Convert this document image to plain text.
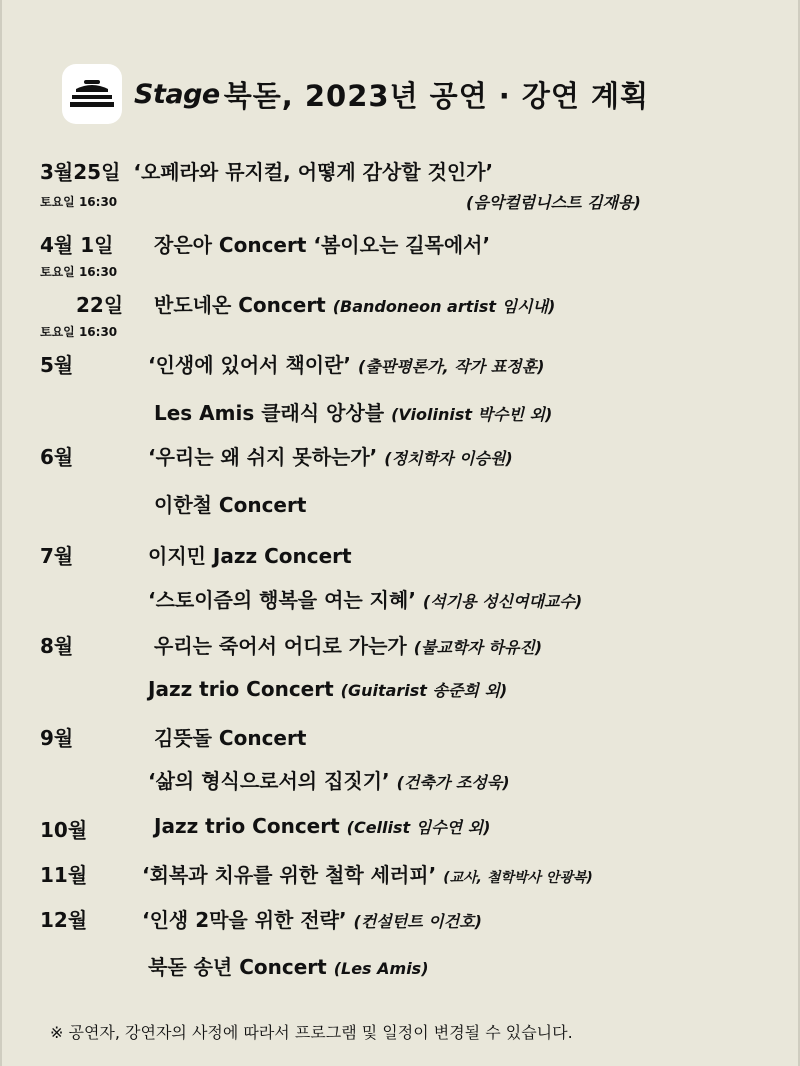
Stage 북돋, 2023년 공연 · 강연 계획
3월25일 ‘오페라와 뮤지컬, 어떻게 감상할 것인가’
토요일 16:30	(음악컬럼니스트 김재용)
4월 1일 장은아 Concert ‘봄이오는 길목에서’
토요일 16:30
22일 반도네온 Concert (Bandoneon artist 임시내)
토요일 16:30
5월	‘인생에 있어서 책이란’ (출판평론가, 작가 표정훈)
Les Amis 클래식 앙상블 (Violinist 박수빈 외)
6월	‘우리는 왜 쉬지 못하는가’ (정치학자 이승원)
이한철 Concert
7월	이지민 Jazz Concert
‘스토이즘의 행복을 여는 지혜’ (석기용 성신여대교수)
8월	우리는 죽어서 어디로 가는가 (불교학자 하유진)
Jazz trio Concert (Guitarist 송준희 외)
9월	김뜻돌 Concert
‘삶의 형식으로서의 집짓기’ (건축가 조성욱)
10월	Jazz trio Concert (Cellist 임수연 외)
11월	‘회복과 치유를 위한 철학 세러피’ (교사, 철학박사 안광복)
12월	‘인생 2막을 위한 전략’ (컨설턴트 이건호)
북돋 송년 Concert (Les Amis)
※ 공연자, 강연자의 사정에 따라서 프로그램 및 일정이 변경될 수 있습니다.
